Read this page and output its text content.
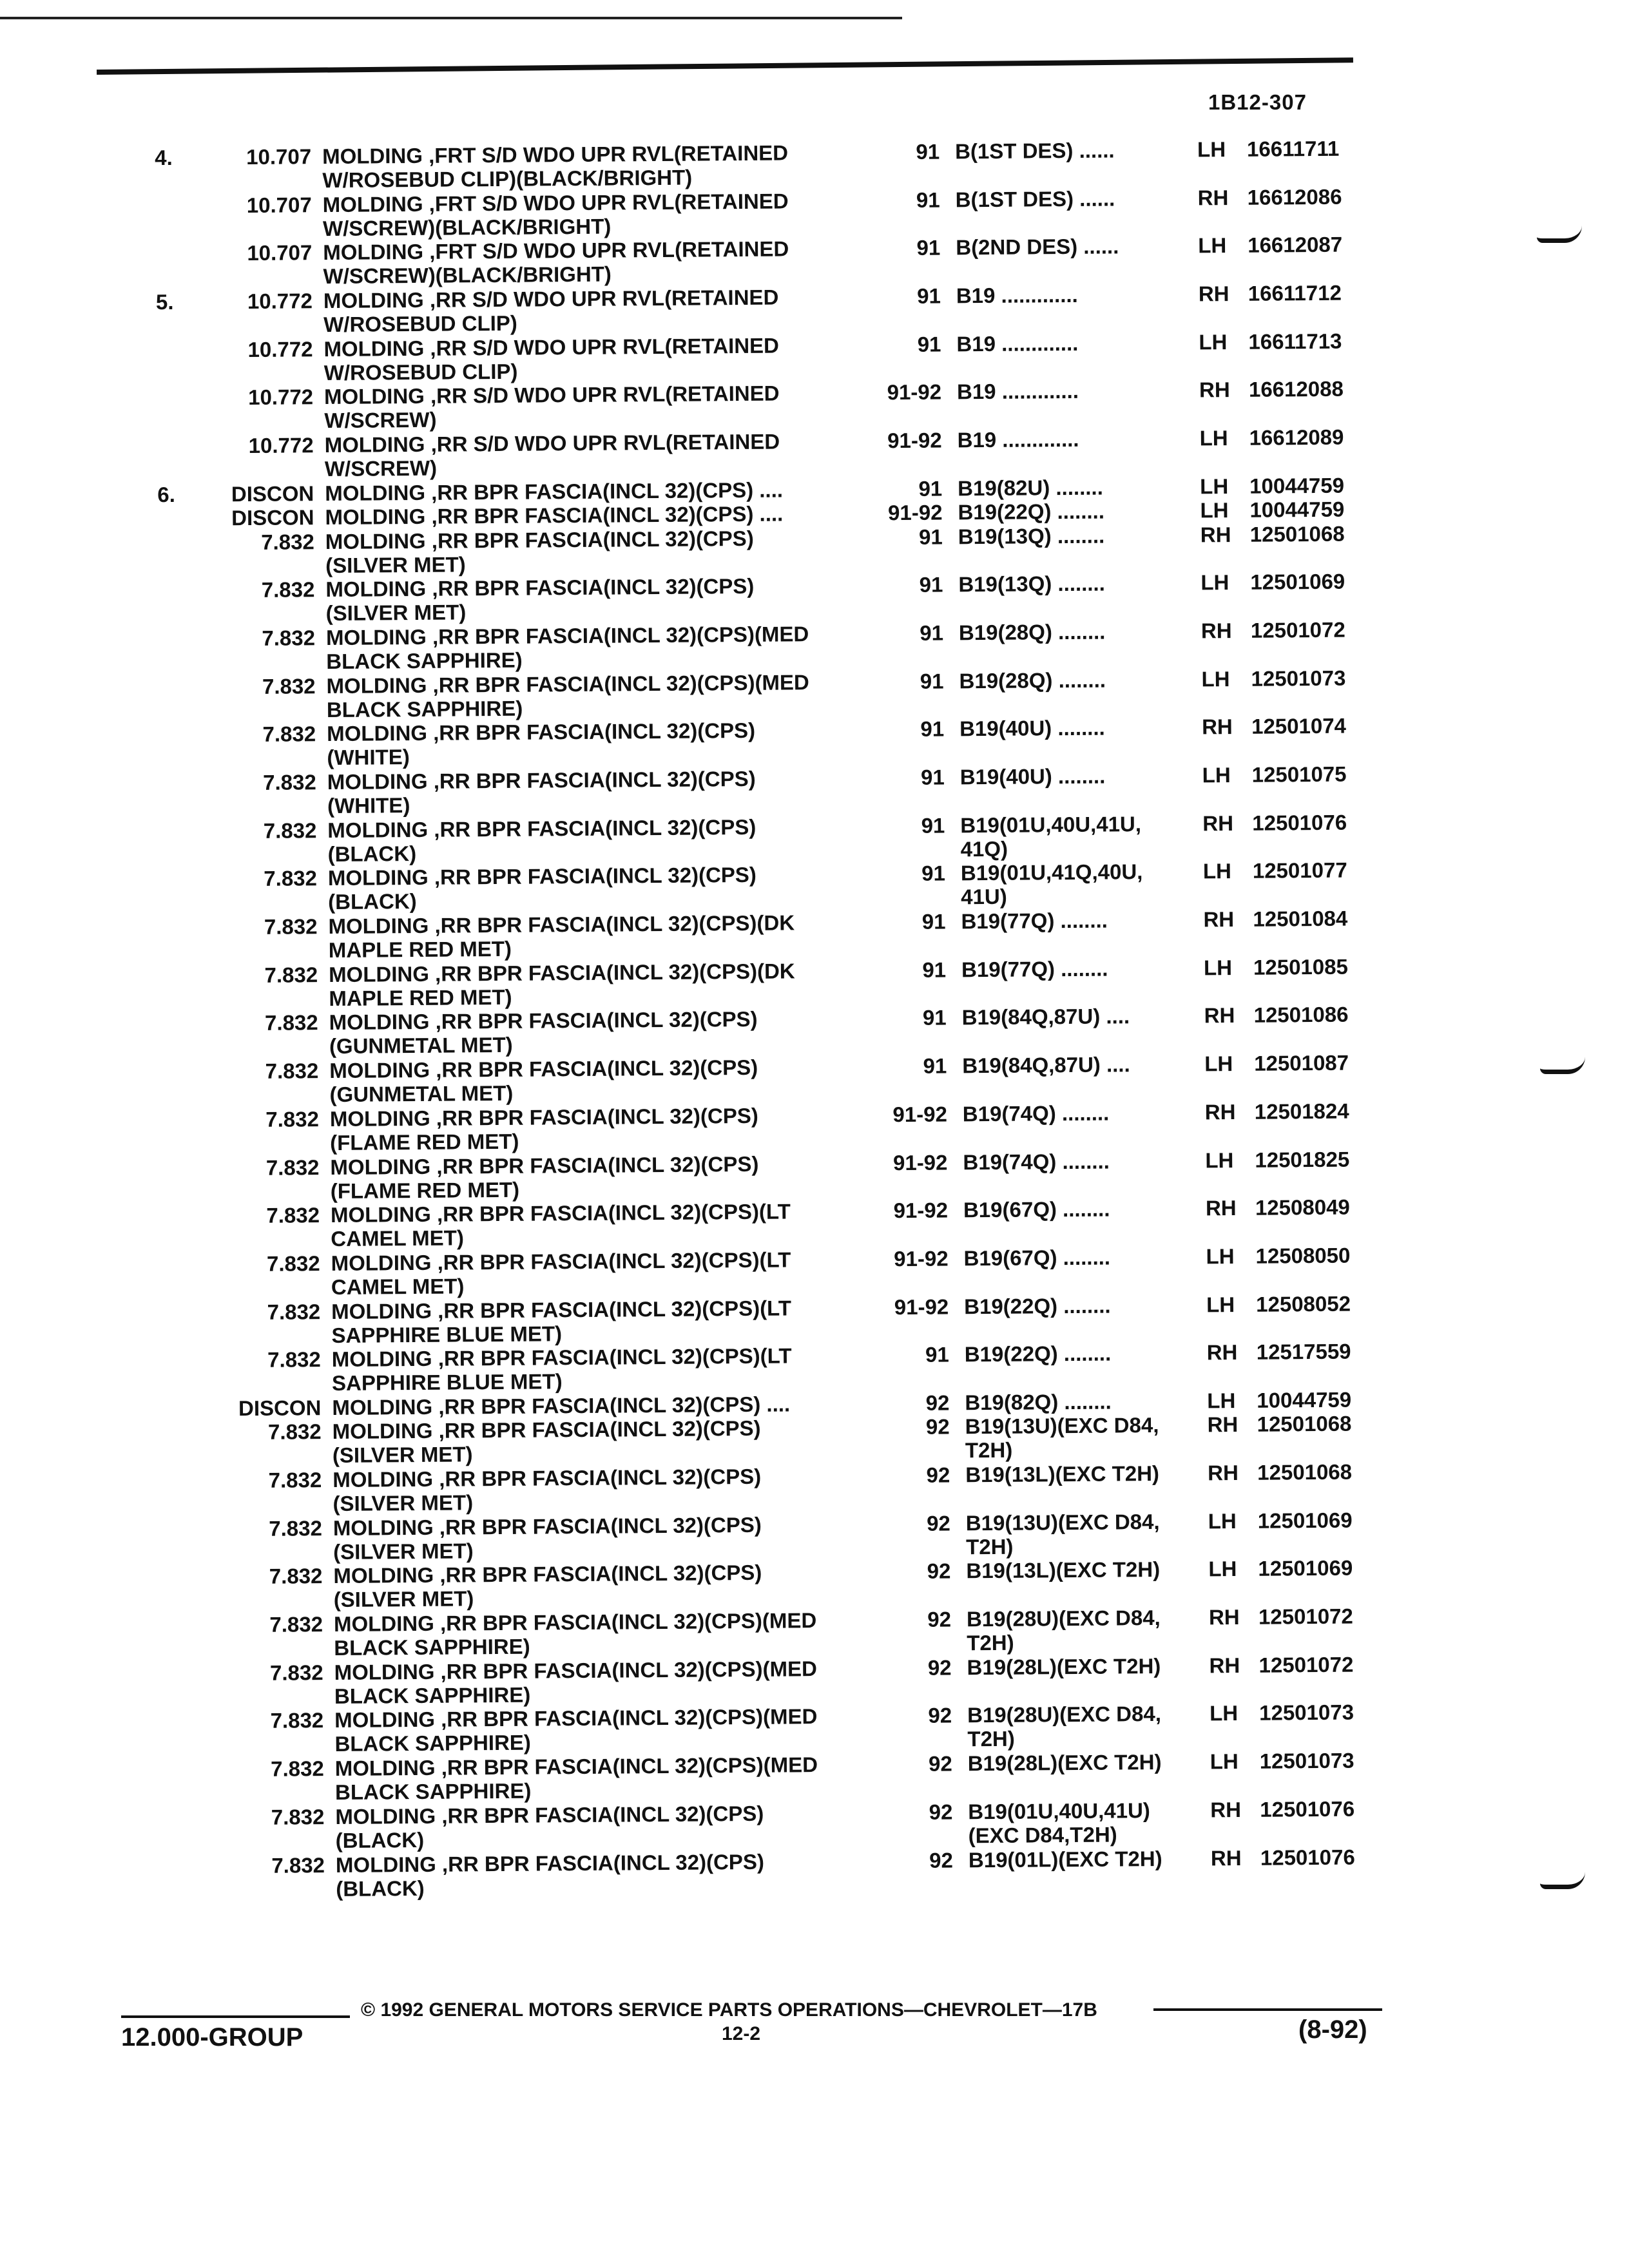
1B12-307
4.	10.707 MOLDING ,FRT S/D WDO UPR RVL(RETAINED
W/ROSEBUD CLIP)(BLACK/BRIGHT)
91 B(1ST DES) ......	LH 16611711
10.707 MOLDING ,FRT S/D WDO UPR RVL(RETAINED
W/SCREW)(BLACK/BRIGHT)
91 B(1ST DES) ......	RH 16612086
10.707 MOLDING ,FRT S/D WDO UPR RVL(RETAINED
W/SCREW)(BLACK/BRIGHT)
91 B(2ND DES) ......	LH 16612087
5.	10.772 MOLDING ,RR S/D WDO UPR RVL(RETAINED
W/ROSEBUD CLIP)
91 B19 .............	RH 16611712
10.772 MOLDING ,RR S/D WDO UPR RVL(RETAINED
W/ROSEBUD CLIP)
91 B19 .............	LH 16611713
10.772 MOLDING ,RR S/D WDO UPR RVL(RETAINED
W/SCREW)
91-92 B19 .............	RH 16612088
10.772 MOLDING ,RR S/D WDO UPR RVL(RETAINED
W/SCREW)
91-92 B19 .............	LH 16612089
6.	DISCON MOLDING ,RR BPR FASCIA(INCL 32)(CPS) ....	91 B19(82U) ........	LH 10044759
DISCON MOLDING ,RR BPR FASCIA(INCL 32)(CPS) ....	91-92 B19(22Q) ........	LH 10044759
7.832 MOLDING ,RR BPR FASCIA(INCL 32)(CPS)
(SILVER MET)
91 B19(13Q) ........	RH 12501068
7.832 MOLDING ,RR BPR FASCIA(INCL 32)(CPS)
(SILVER MET)
91 B19(13Q) ........	LH 12501069
7.832 MOLDING ,RR BPR FASCIA(INCL 32)(CPS)(MED
BLACK SAPPHIRE)
91 B19(28Q) ........	RH 12501072
7.832 MOLDING ,RR BPR FASCIA(INCL 32)(CPS)(MED
BLACK SAPPHIRE)
91 B19(28Q) ........	LH 12501073
7.832 MOLDING ,RR BPR FASCIA(INCL 32)(CPS)
(WHITE)
91 B19(40U) ........	RH 12501074
7.832 MOLDING ,RR BPR FASCIA(INCL 32)(CPS)
(WHITE)
91 B19(40U) ........	LH 12501075
7.832 MOLDING ,RR BPR FASCIA(INCL 32)(CPS)
(BLACK)
91 B19(01U,40U,41U,
41Q)
RH 12501076
7.832 MOLDING ,RR BPR FASCIA(INCL 32)(CPS)
(BLACK)
91 B19(01U,41Q,40U,
41U)
LH 12501077
7.832 MOLDING ,RR BPR FASCIA(INCL 32)(CPS)(DK
MAPLE RED MET)
91 B19(77Q) ........	RH 12501084
7.832 MOLDING ,RR BPR FASCIA(INCL 32)(CPS)(DK
MAPLE RED MET)
91 B19(77Q) ........	LH 12501085
7.832 MOLDING ,RR BPR FASCIA(INCL 32)(CPS)
(GUNMETAL MET)
91 B19(84Q,87U) ....	RH 12501086
7.832 MOLDING ,RR BPR FASCIA(INCL 32)(CPS)
(GUNMETAL MET)
91 B19(84Q,87U) ....	LH 12501087
7.832 MOLDING ,RR BPR FASCIA(INCL 32)(CPS)
(FLAME RED MET)
91-92 B19(74Q) ........	RH 12501824
7.832 MOLDING ,RR BPR FASCIA(INCL 32)(CPS)
(FLAME RED MET)
91-92 B19(74Q) ........	LH 12501825
7.832 MOLDING ,RR BPR FASCIA(INCL 32)(CPS)(LT
CAMEL MET)
91-92 B19(67Q) ........	RH 12508049
7.832 MOLDING ,RR BPR FASCIA(INCL 32)(CPS)(LT
CAMEL MET)
91-92 B19(67Q) ........	LH 12508050
7.832 MOLDING ,RR BPR FASCIA(INCL 32)(CPS)(LT
SAPPHIRE BLUE MET)
91-92 B19(22Q) ........	LH 12508052
7.832 MOLDING ,RR BPR FASCIA(INCL 32)(CPS)(LT
SAPPHIRE BLUE MET)
91 B19(22Q) ........	RH 12517559
DISCON MOLDING ,RR BPR FASCIA(INCL 32)(CPS) ....	92 B19(82Q) ........	LH 10044759
7.832 MOLDING ,RR BPR FASCIA(INCL 32)(CPS)
(SILVER MET)
92 B19(13U)(EXC D84,
T2H)
RH 12501068
7.832 MOLDING ,RR BPR FASCIA(INCL 32)(CPS)
(SILVER MET)
92 B19(13L)(EXC T2H)	RH 12501068
7.832 MOLDING ,RR BPR FASCIA(INCL 32)(CPS)
(SILVER MET)
92 B19(13U)(EXC D84,
T2H)
LH 12501069
7.832 MOLDING ,RR BPR FASCIA(INCL 32)(CPS)
(SILVER MET)
92 B19(13L)(EXC T2H)	LH 12501069
7.832 MOLDING ,RR BPR FASCIA(INCL 32)(CPS)(MED
BLACK SAPPHIRE)
92 B19(28U)(EXC D84,
T2H)
RH 12501072
7.832 MOLDING ,RR BPR FASCIA(INCL 32)(CPS)(MED
BLACK SAPPHIRE)
92 B19(28L)(EXC T2H)	RH 12501072
7.832 MOLDING ,RR BPR FASCIA(INCL 32)(CPS)(MED
BLACK SAPPHIRE)
92 B19(28U)(EXC D84,
T2H)
LH 12501073
7.832 MOLDING ,RR BPR FASCIA(INCL 32)(CPS)(MED
BLACK SAPPHIRE)
92 B19(28L)(EXC T2H)	LH 12501073
7.832 MOLDING ,RR BPR FASCIA(INCL 32)(CPS)
(BLACK)
92 B19(01U,40U,41U)
(EXC D84,T2H)
RH 12501076
7.832 MOLDING ,RR BPR FASCIA(INCL 32)(CPS)
(BLACK)
92 B19(01L)(EXC T2H)	RH 12501076
© 1992 GENERAL MOTORS SERVICE PARTS OPERATIONS—CHEVROLET—17B
12.000-GROUP	12-2	(8-92)
